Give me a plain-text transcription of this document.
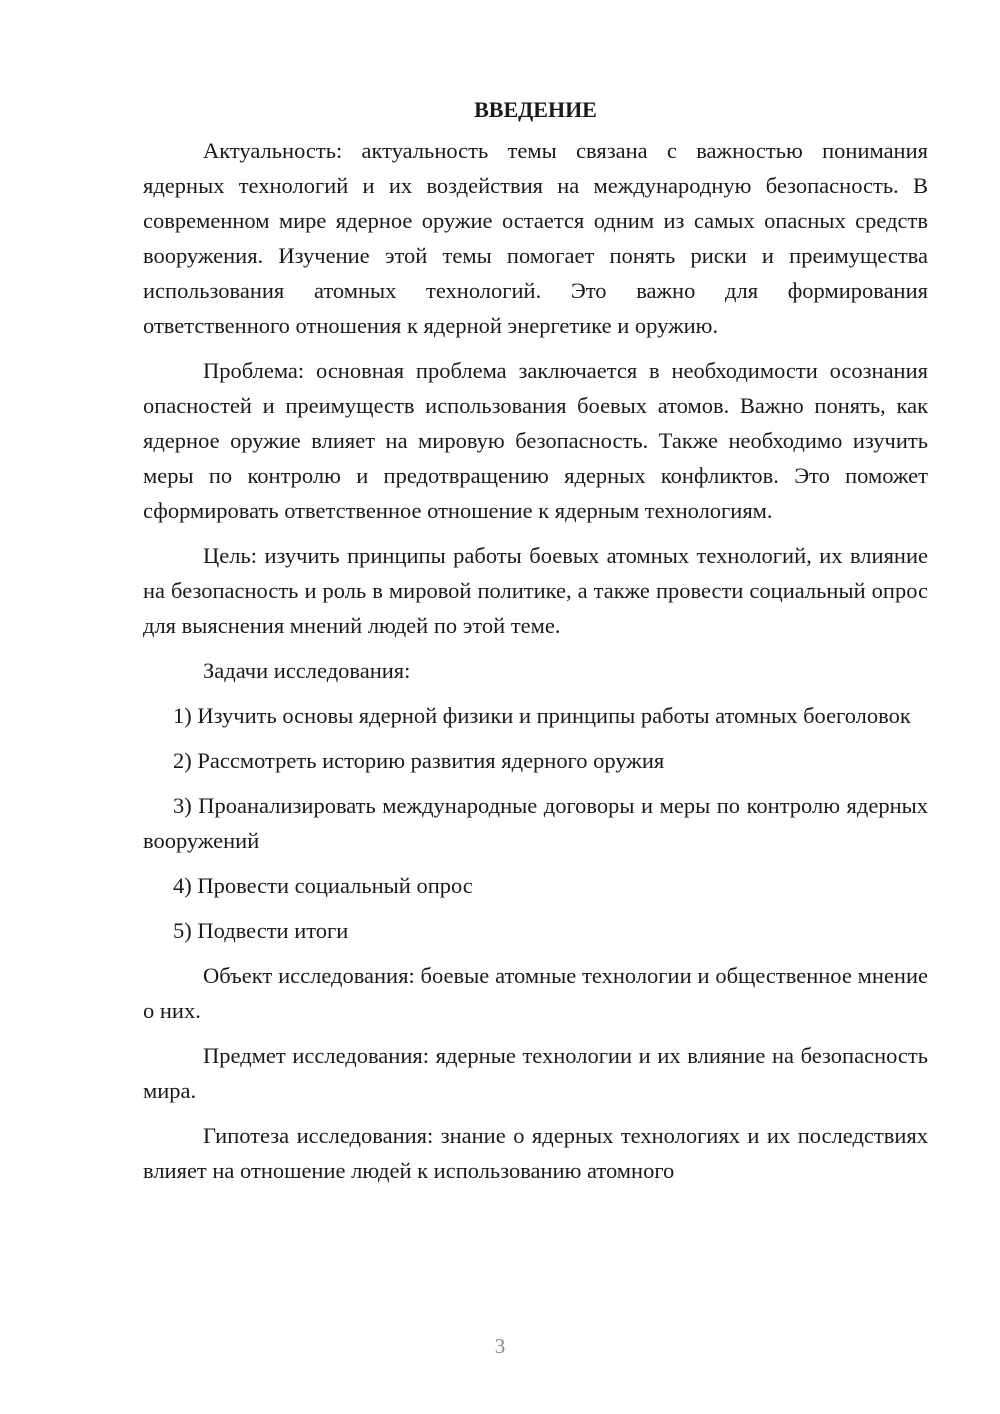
ВВЕДЕНИЕ

Актуальность: актуальность темы связана с важностью понимания ядерных технологий и их воздействия на международную безопасность. В современном мире ядерное оружие остается одним из самых опасных средств вооружения. Изучение этой темы помогает понять риски и преимущества использования атомных технологий. Это важно для формирования ответственного отношения к ядерной энергетике и оружию.

Проблема: основная проблема заключается в необходимости осознания опасностей и преимуществ использования боевых атомов. Важно понять, как ядерное оружие влияет на мировую безопасность. Также необходимо изучить меры по контролю и предотвращению ядерных конфликтов. Это поможет сформировать ответственное отношение к ядерным технологиям.

Цель: изучить принципы работы боевых атомных технологий, их влияние на безопасность и роль в мировой политике, а также провести социальный опрос для выяснения мнений людей по этой теме.

Задачи исследования:

1) Изучить основы ядерной физики и принципы работы атомных боеголовок

2) Рассмотреть историю развития ядерного оружия

3) Проанализировать международные договоры и меры по контролю ядерных вооружений

4) Провести социальный опрос

5) Подвести итоги

Объект исследования: боевые атомные технологии и общественное мнение о них.

Предмет исследования: ядерные технологии и их влияние на безопасность мира.

Гипотеза исследования: знание о ядерных технологиях и их последствиях влияет на отношение людей к использованию атомного

3
